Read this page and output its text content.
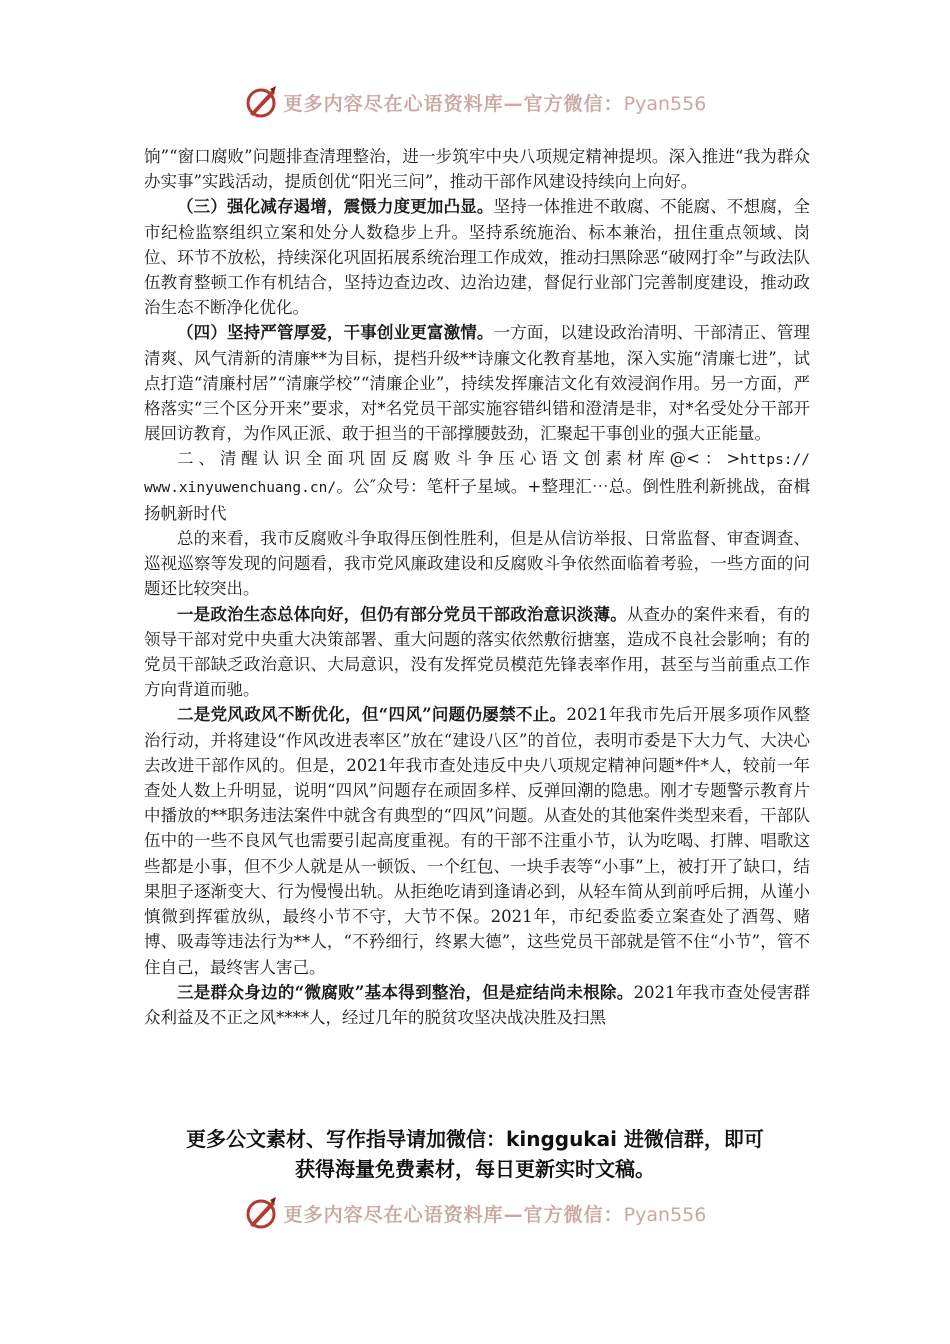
更多内容尽在心语资料库—官方微信：Pyan556

饷”“窗口腐败”问题排查清理整治，进一步筑牢中央八项规定精神提坝。深入推进“我为群众办实事”实践活动，提质创优“阳光三问”，推动干部作风建设持续向上向好。

（三）强化减存遏增，震慑力度更加凸显。坚持一体推进不敢腐、不能腐、不想腐，全市纪检监察组织立案和处分人数稳步上升。坚持系统施治、标本兼治，扭住重点领域、岗位、环节不放松，持续深化巩固拓展系统治理工作成效，推动扫黑除恶“破网打伞”与政法队伍教育整顿工作有机结合，坚持边查边改、边治边建，督促行业部门完善制度建设，推动政治生态不断净化优化。

（四）坚持严管厚爱，干事创业更富激情。一方面，以建设政治清明、干部清正、管理清爽、风气清新的清廉**为目标，提档升级**诗廉文化教育基地，深入实施“清廉七进”，试点打造“清廉村居”“清廉学校”“清廉企业”，持续发挥廉洁文化有效浸润作用。另一方面，严格落实“三个区分开来”要求，对*名党员干部实施容错纠错和澄清是非，对*名受处分干部开展回访教育，为作风正派、敢于担当的干部撑腰鼓劲，汇聚起干事创业的强大正能量。

二、清醒认识全面巩固反腐败斗争压心语文创素材库@<：>https:// www.xinyuwenchuang.cn/。公″众号：笔杆子星域。+整理汇⋯总。倒性胜利新挑战，奋楫扬帆新时代

总的来看，我市反腐败斗争取得压倒性胜利，但是从信访举报、日常监督、审查调查、巡视巡察等发现的问题看，我市党风廉政建设和反腐败斗争依然面临着考验，一些方面的问题还比较突出。

一是政治生态总体向好，但仍有部分党员干部政治意识淡薄。从查办的案件来看，有的领导干部对党中央重大决策部署、重大问题的落实依然敷衍搪塞，造成不良社会影响；有的党员干部缺乏政治意识、大局意识，没有发挥党员模范先锋表率作用，甚至与当前重点工作方向背道而驰。

二是党风政风不断优化，但“四风”问题仍屡禁不止。2021年我市先后开展多项作风整治行动，并将建设“作风改进表率区”放在“建设八区”的首位，表明市委是下大力气、大决心去改进干部作风的。但是，2021年我市查处违反中央八项规定精神问题*件*人，较前一年查处人数上升明显，说明“四风”问题存在顽固多样、反弹回潮的隐患。刚才专题警示教育片中播放的**职务违法案件中就含有典型的“四风”问题。从查处的其他案件类型来看，干部队伍中的一些不良风气也需要引起高度重视。有的干部不注重小节，认为吃喝、打牌、唱歌这些都是小事，但不少人就是从一顿饭、一个红包、一块手表等“小事”上，被打开了缺口，结果胆子逐渐变大、行为慢慢出轨。从拒绝吃请到逢请必到，从轻车简从到前呼后拥，从谨小慎微到挥霍放纵，最终小节不守，大节不保。2021年，市纪委监委立案查处了酒驾、赌博、吸毒等违法行为**人，“不矜细行，终累大德”，这些党员干部就是管不住“小节”，管不住自己，最终害人害己。

三是群众身边的“微腐败”基本得到整治，但是症结尚未根除。2021年我市查处侵害群众利益及不正之风****人，经过几年的脱贫攻坚决战决胜及扫黑

更多公文素材、写作指导请加微信：kinggukai 进微信群，即可
获得海量免费素材，每日更新实时文稿。
更多内容尽在心语资料库—官方微信：Pyan556
